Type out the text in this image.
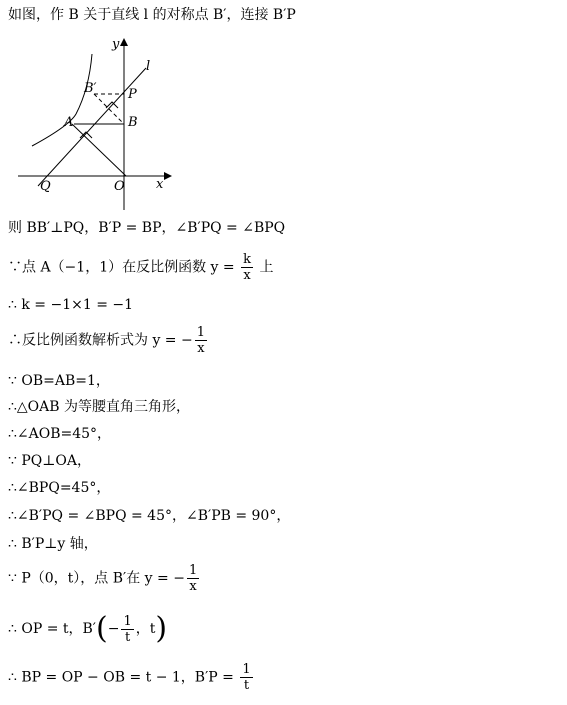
如图，作 B 关于直线 l 的对称点 B′，连接 B′P
y
l
B′ P
A	B
Q	O x
则 BB′⊥PQ，B′P = BP，∠B′PQ = ∠BPQ
∵点 A（−1，1）在反比例函数 $y = \frac{k}{x}$ 上
∴ k = −1×1 = −1
∴反比例函数解析式为 y = − $\frac{1}{x}$
∵ OB=AB=1，
∴△OAB 为等腰直角三角形，
∴∠AOB=45°，
∵ PQ⊥OA，
∴∠BPQ=45°，
∴∠B′PQ = ∠BPQ = 45°，∠B′PB = 90°，
∴ B′P⊥y 轴，
∵ P（0，t），点 B′在 y = − $\frac{1}{x}$
∴ OP = t，$B'(- \frac{1}{t}$ ，t)
∴ BP = OP − OB = t − 1，$B'P = \frac{1}{t}$
